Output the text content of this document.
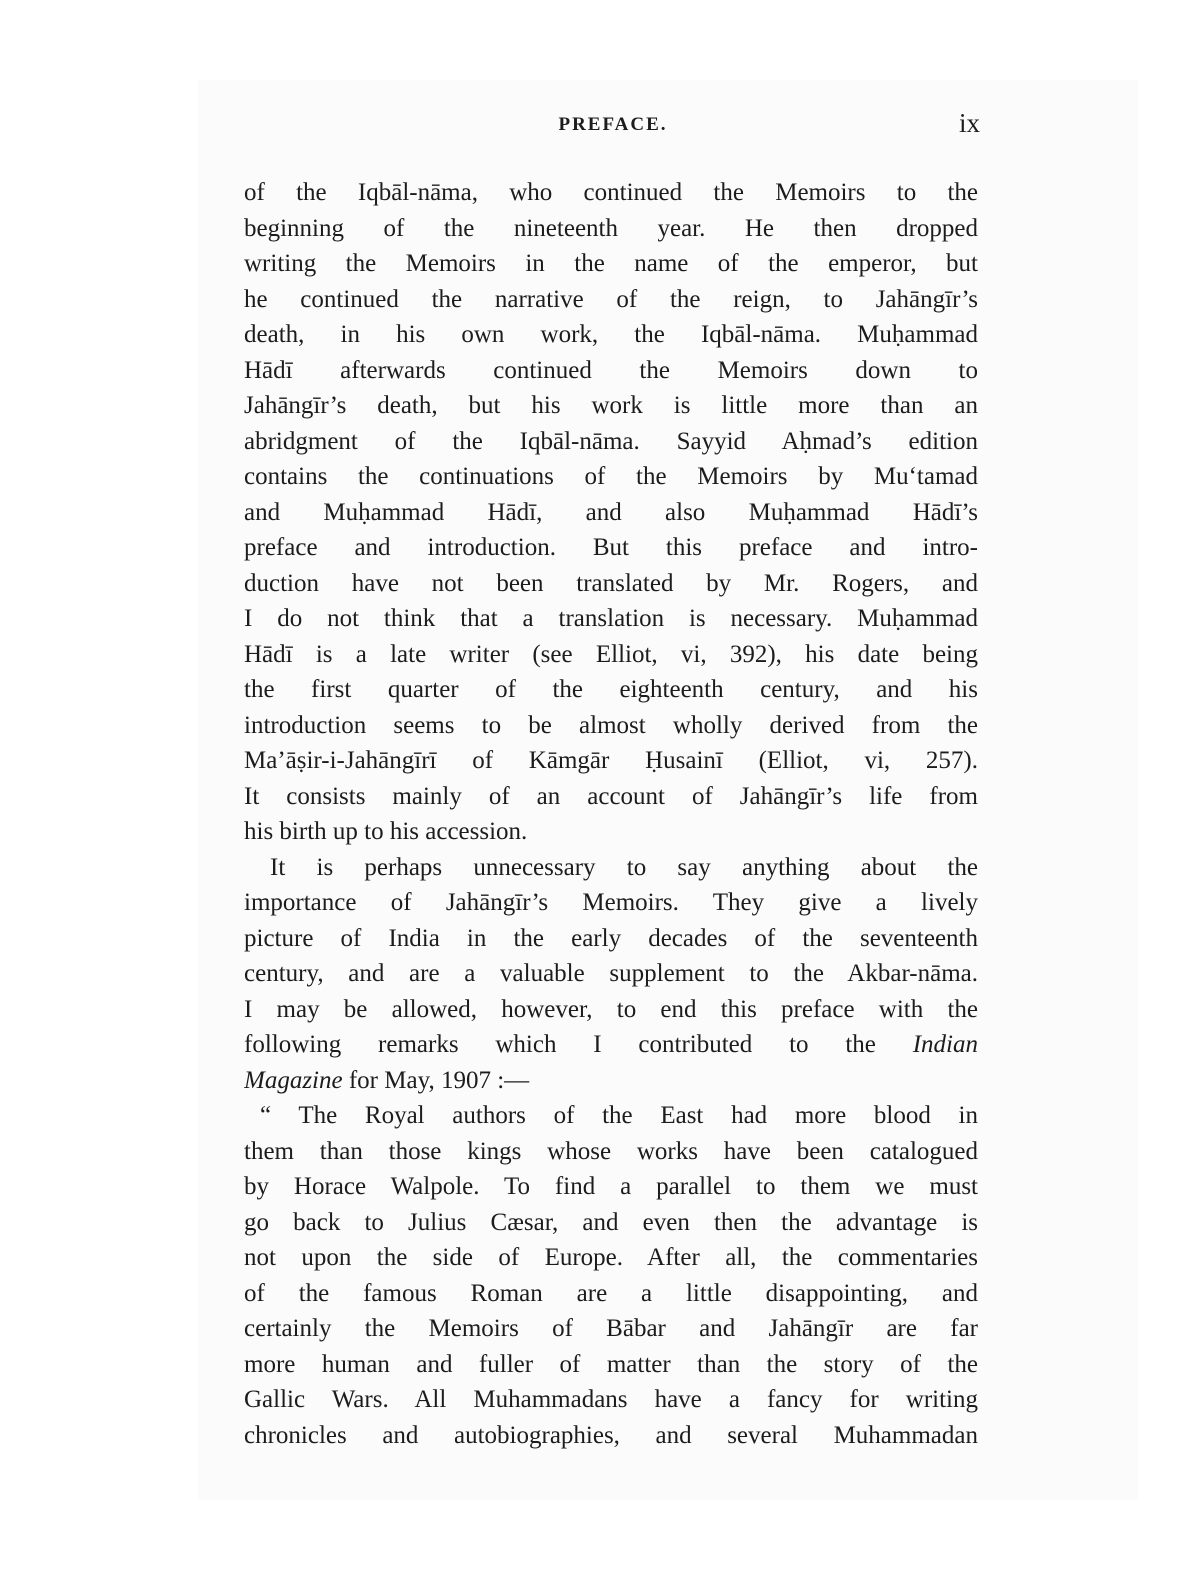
PREFACE.	ix
of the Iqbāl-nāma, who continued the Memoirs to the
beginning of the nineteenth year. He then dropped
writing the Memoirs in the name of the emperor, but
he continued the narrative of the reign, to Jahāngīr’s
death, in his own work, the Iqbāl-nāma. Muḥammad
Hādī afterwards continued the Memoirs down to
Jahāngīr’s death, but his work is little more than an
abridgment of the Iqbāl-nāma. Sayyid Aḥmad’s edition
contains the continuations of the Memoirs by Mu‘tamad
and Muḥammad Hādī, and also Muḥammad Hādī’s
preface and introduction. But this preface and intro-
duction have not been translated by Mr. Rogers, and
I do not think that a translation is necessary. Muḥammad
Hādī is a late writer (see Elliot, vi, 392), his date being
the first quarter of the eighteenth century, and his
introduction seems to be almost wholly derived from the
Ma’āṣir-i-Jahāngīrī of Kāmgār Ḥusainī (Elliot, vi, 257).
It consists mainly of an account of Jahāngīr’s life from
his birth up to his accession.
It is perhaps unnecessary to say anything about the
importance of Jahāngīr’s Memoirs. They give a lively
picture of India in the early decades of the seventeenth
century, and are a valuable supplement to the Akbar-nāma.
I may be allowed, however, to end this preface with the
following remarks which I contributed to the Indian
Magazine for May, 1907 :—
“ The Royal authors of the East had more blood in
them than those kings whose works have been catalogued
by Horace Walpole. To find a parallel to them we must
go back to Julius Cæsar, and even then the advantage is
not upon the side of Europe. After all, the commentaries
of the famous Roman are a little disappointing, and
certainly the Memoirs of Bābar and Jahāngīr are far
more human and fuller of matter than the story of the
Gallic Wars. All Muhammadans have a fancy for writing
chronicles and autobiographies, and several Muhammadan
